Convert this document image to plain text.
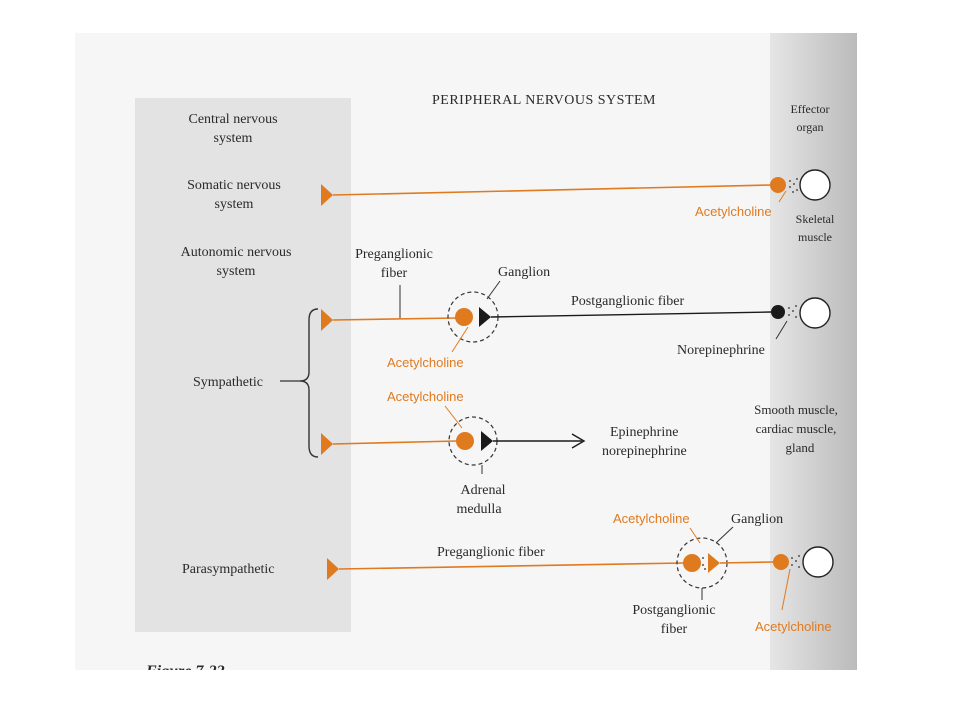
PERIPHERAL NERVOUS SYSTEM
Central nervous
system
Somatic nervous
system
Autonomic nervous
system
Sympathetic
Parasympathetic
Effector
organ
Acetylcholine Skeletal
muscle
Preganglionic
fiber	Ganglion
Postganglionic fiber
Acetylcholine
Norepinephrine
Acetylcholine
Epinephrine
norepinephrine
Smooth muscle,
cardiac muscle,
gland
Adrenal
medulla
Preganglionic fiber
Acetylcholine	Ganglion
Postganglionic
fiber	Acetylcholine
